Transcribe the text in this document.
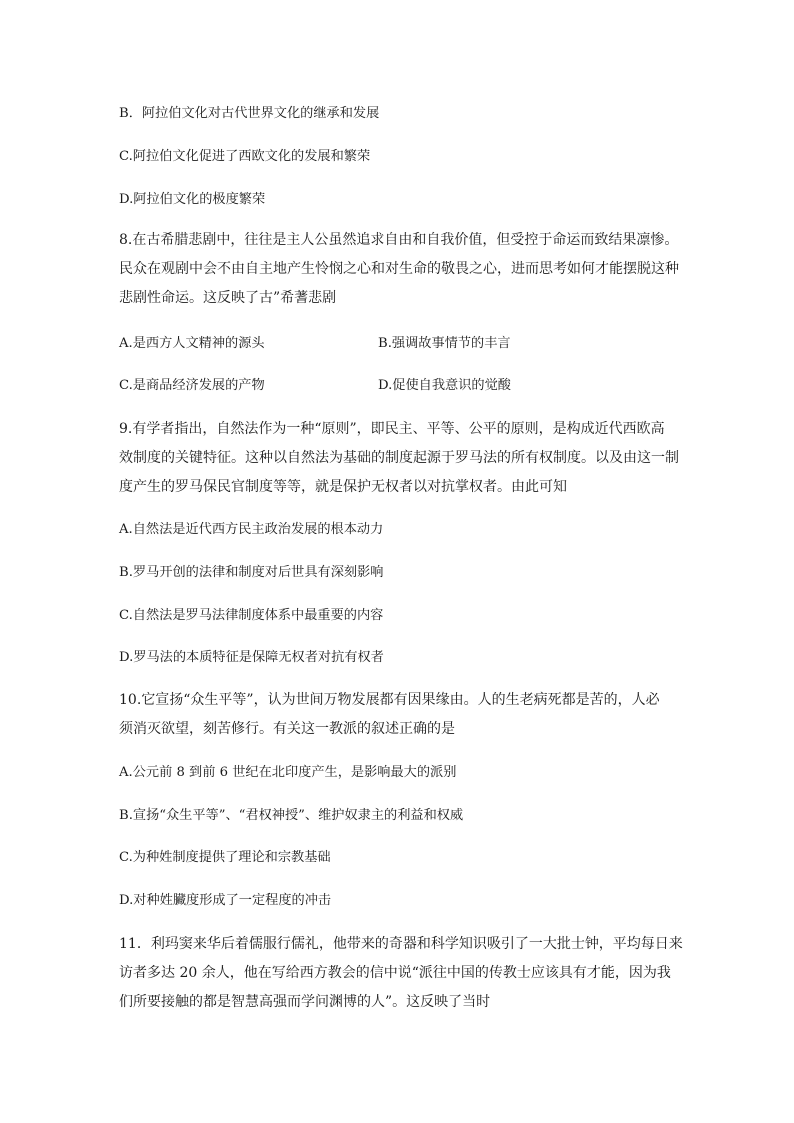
B．阿拉伯文化对古代世界文化的继承和发展
C.阿拉伯文化促进了西欧文化的发展和繁荣
D.阿拉伯文化的极度繁荣
8.在古希腊悲剧中，往往是主人公虽然追求自由和自我价值，但受控于命运而致结果凛惨。
民众在观剧中会不由自主地产生怜悯之心和对生命的敬畏之心，进而思考如何才能摆脱这种
悲剧性命运。这反映了古”希蓍悲剧
A.是西方人文精神的源头	B.强调故事情节的丰言
C.是商品经济发展的产物	D.促使自我意识的觉酸
9.有学者指出，自然法作为一种“原则”，即民主、平等、公平的原则，是构成近代西欧高
效制度的关键特征。这种以自然法为基础的制度起源于罗马法的所有权制度。以及由这一制
度产生的罗马保民官制度等等，就是保护无权者以对抗掌权者。由此可知
A.自然法是近代西方民主政治发展的根本动力
B.罗马开创的法律和制度对后世具有深刻影响
C.自然法是罗马法律制度体系中最重要的内容
D.罗马法的本质特征是保障无权者对抗有权者
10.它宣扬“众生平等”，认为世间万物发展都有因果缘由。人的生老病死都是苦的，人必
须消灭欲望，刻苦修行。有关这一教派的叙述正确的是
A.公元前 8 到前 6 世纪在北印度产生，是影响最大的派别
B.宣扬“众生平等”、“君权神授”、维护奴隶主的利益和权威
C.为种姓制度提供了理论和宗教基础
D.对种姓臟度形成了一定程度的冲击
11．利玛窦来华后着儒服行儒礼，他带来的奇器和科学知识吸引了一大批士钟，平均每日来
访者多达 20 余人，他在写给西方教会的信中说“派往中国的传教士应该具有才能，因为我
们所要接触的都是智慧高强而学问渊博的人”。这反映了当时
